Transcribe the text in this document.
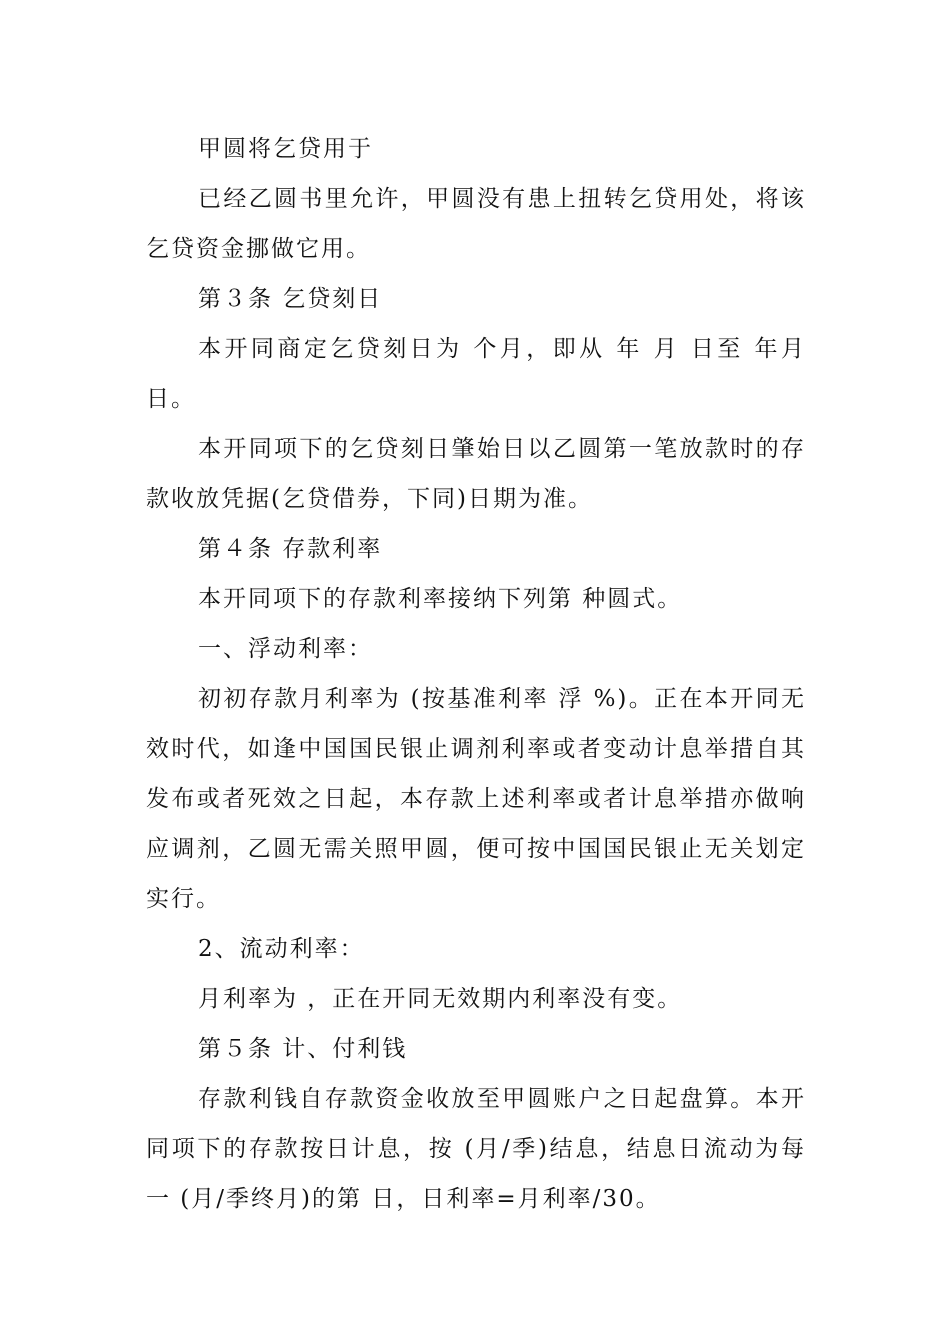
甲圆将乞贷用于

已经乙圆书里允许，甲圆没有患上扭转乞贷用处，将该乞贷资金挪做它用。

第３条 乞贷刻日

本开同商定乞贷刻日为 个月，即从 年 月 日至 年月 日。

本开同项下的乞贷刻日肇始日以乙圆第一笔放款时的存款收放凭据(乞贷借券，下同)日期为准。

第４条 存款利率

本开同项下的存款利率接纳下列第 种圆式。

一、浮动利率：

初初存款月利率为 (按基准利率 浮 %)。正在本开同无效时代，如逢中国国民银止调剂利率或者变动计息举措自其发布或者死效之日起，本存款上述利率或者计息举措亦做响应调剂，乙圆无需关照甲圆，便可按中国国民银止无关划定实行。

2、流动利率：

月利率为 ，正在开同无效期内利率没有变。

第５条 计、付利钱

存款利钱自存款资金收放至甲圆账户之日起盘算。本开同项下的存款按日计息，按 (月/季)结息，结息日流动为每一 (月/季终月)的第 日，日利率=月利率/30。
